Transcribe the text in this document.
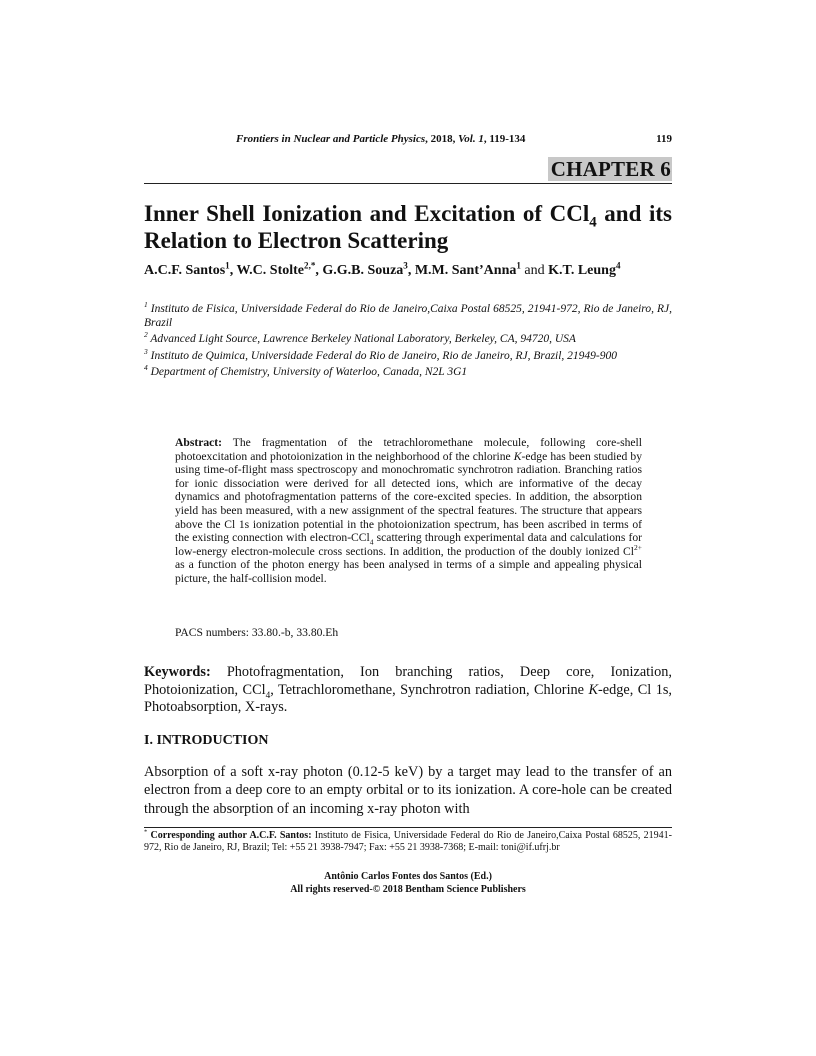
Frontiers in Nuclear and Particle Physics, 2018, Vol. 1, 119-134	119
CHAPTER 6
Inner Shell Ionization and Excitation of CCl$_4$ and its Relation to Electron Scattering
A.C.F. Santos$^1$, W.C. Stolte$^{2,*}$, G.G.B. Souza$^3$, M.M. Sant’Anna$^1$ and K.T. Leung$^4$
$^1$ Instituto de Fisica, Universidade Federal do Rio de Janeiro,Caixa Postal 68525, 21941-972, Rio de Janeiro, RJ, Brazil
$^2$ Advanced Light Source, Lawrence Berkeley National Laboratory, Berkeley, CA, 94720, USA
$^3$ Instituto de Quimica, Universidade Federal do Rio de Janeiro, Rio de Janeiro, RJ, Brazil, 21949-900
$^4$ Department of Chemistry, University of Waterloo, Canada, N2L 3G1
Abstract: The fragmentation of the tetrachloromethane molecule, following core-shell photoexcitation and photoionization in the neighborhood of the chlorine K-edge has been studied by using time-of-flight mass spectroscopy and monochromatic synchrotron radiation. Branching ratios for ionic dissociation were derived for all detected ions, which are informative of the decay dynamics and photofragmentation patterns of the core-excited species. In addition, the absorption yield has been measured, with a new assignment of the spectral features. The structure that appears above the Cl 1s ionization potential in the photoionization spectrum, has been ascribed in terms of the existing connection with electron-CCl$_4$ scattering through experimental data and calculations for low-energy electron-molecule cross sections. In addition, the production of the doubly ionized $Cl^{2+}$ as a function of the photon energy has been analysed in terms of a simple and appealing physical picture, the half-collision model.
PACS numbers: 33.80.-b, 33.80.Eh
Keywords: Photofragmentation, Ion branching ratios, Deep core, Ionization, Photoionization, CCl$_4$, Tetrachloromethane, Synchrotron radiation, Chlorine K-edge, Cl 1s, Photoabsorption, X-rays.
I. INTRODUCTION
Absorption of a soft x-ray photon (0.12-5 keV) by a target may lead to the transfer of an electron from a deep core to an empty orbital or to its ionization. A core-hole can be created through the absorption of an incoming x-ray photon with
* Corresponding author A.C.F. Santos: Instituto de Fisica, Universidade Federal do Rio de Janeiro,Caixa Postal 68525, 21941-972, Rio de Janeiro, RJ, Brazil; Tel: +55 21 3938-7947; Fax: +55 21 3938-7368; E-mail: toni@if.ufrj.br
Antônio Carlos Fontes dos Santos (Ed.)
All rights reserved-© 2018 Bentham Science Publishers
